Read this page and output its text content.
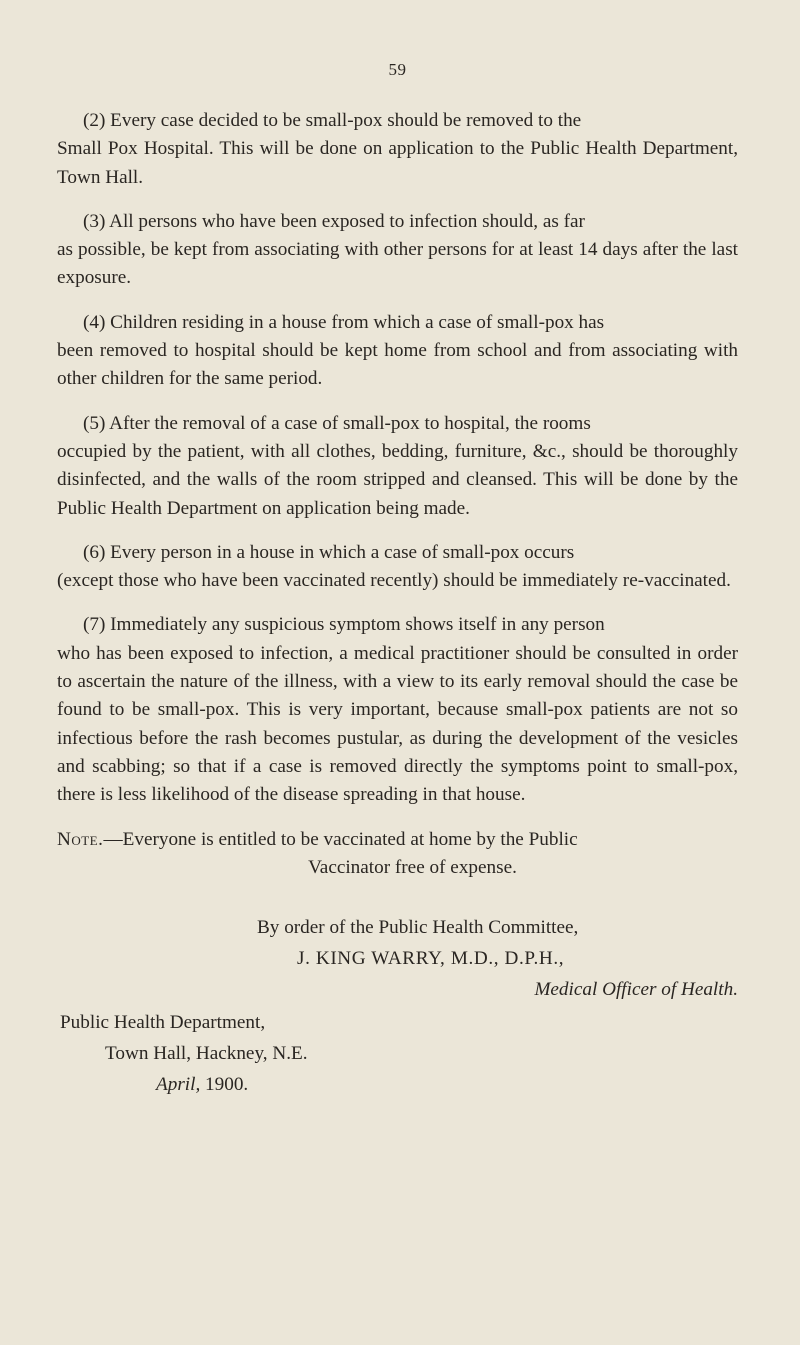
59
(2) Every case decided to be small-pox should be removed to the
Small Pox Hospital. This will be done on application to the Public Health Department, Town Hall.
(3) All persons who have been exposed to infection should, as far
as possible, be kept from associating with other persons for at least 14 days after the last exposure.
(4) Children residing in a house from which a case of small-pox has
been removed to hospital should be kept home from school and from associating with other children for the same period.
(5) After the removal of a case of small-pox to hospital, the rooms
occupied by the patient, with all clothes, bedding, furniture, &c., should be thoroughly disinfected, and the walls of the room stripped and cleansed. This will be done by the Public Health Department on application being made.
(6) Every person in a house in which a case of small-pox occurs
(except those who have been vaccinated recently) should be immediately re-vaccinated.
(7) Immediately any suspicious symptom shows itself in any person
who has been exposed to infection, a medical practitioner should be consulted in order to ascertain the nature of the illness, with a view to its early removal should the case be found to be small-pox. This is very important, because small-pox patients are not so infectious before the rash becomes pustular, as during the development of the vesicles and scabbing; so that if a case is removed directly the symptoms point to small-pox, there is less likelihood of the disease spreading in that house.
Note.—Everyone is entitled to be vaccinated at home by the Public
Vaccinator free of expense.
By order of the Public Health Committee,
J. KING WARRY, M.D., D.P.H.,
Medical Officer of Health.
Public Health Department,
Town Hall, Hackney, N.E.
April, 1900.
